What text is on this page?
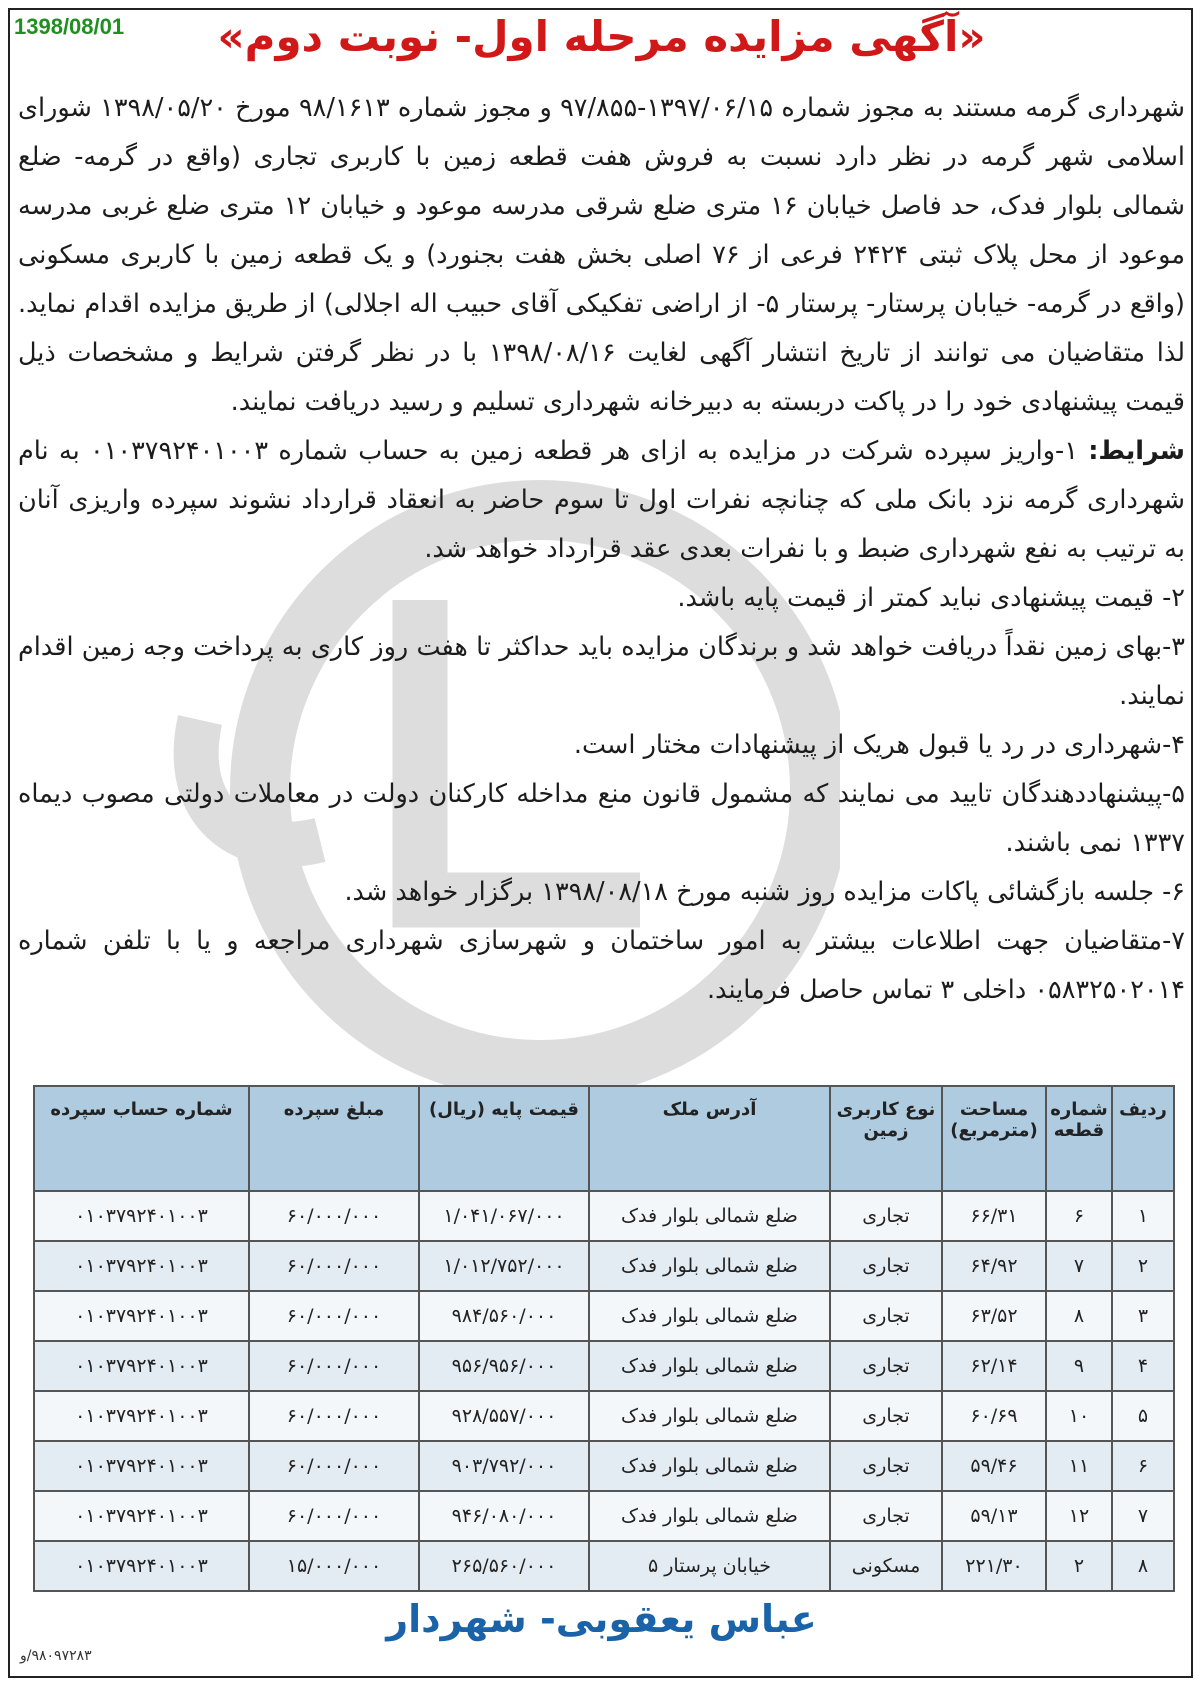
1398/08/01	«آگهی مزایده مرحله اول- نوبت دوم»

شهرداری گرمه مستند به مجوز شماره ۱۳۹۷/۰۶/۱۵-۹۷/۸۵۵ و مجوز شماره ۹۸/۱۶۱۳ مورخ ۱۳۹۸/۰۵/۲۰ شورای اسلامی شهر گرمه در نظر دارد نسبت به فروش هفت قطعه زمین با کاربری تجاری (واقع در گرمه- ضلع شمالی بلوار فدک، حد فاصل خیابان ۱۶ متری ضلع شرقی مدرسه موعود و خیابان ۱۲ متری ضلع غربی مدرسه موعود از محل پلاک ثبتی ۲۴۲۴ فرعی از ۷۶ اصلی بخش هفت بجنورد) و یک قطعه زمین با کاربری مسکونی (واقع در گرمه- خیابان پرستار- پرستار ۵- از اراضی تفکیکی آقای حبیب اله اجلالی) از طریق مزایده اقدام نماید. لذا متقاضیان می توانند از تاریخ انتشار آگهی لغایت ۱۳۹۸/۰۸/۱۶ با در نظر گرفتن شرایط و مشخصات ذیل قیمت پیشنهادی خود را در پاکت دربسته به دبیرخانه شهرداری تسلیم و رسید دریافت نمایند.

شرایط: ۱-واریز سپرده شرکت در مزایده به ازای هر قطعه زمین به حساب شماره ۰۱۰۳۷۹۲۴۰۱۰۰۳ به نام شهرداری گرمه نزد بانک ملی که چنانچه نفرات اول تا سوم حاضر به انعقاد قرارداد نشوند سپرده واریزی آنان به ترتیب به نفع شهرداری ضبط و با نفرات بعدی عقد قرارداد خواهد شد.

۲- قیمت پیشنهادی نباید کمتر از قیمت پایه باشد.

۳-بهای زمین نقداً دریافت خواهد شد و برندگان مزایده باید حداکثر تا هفت روز کاری به پرداخت وجه زمین اقدام نمایند.

۴-شهرداری در رد یا قبول هریک از پیشنهادات مختار است.

۵-پیشنهاددهندگان تایید می نمایند که مشمول قانون منع مداخله کارکنان دولت در معاملات دولتی مصوب دیماه ۱۳۳۷ نمی باشند.

۶- جلسه بازگشائی پاکات مزایده روز شنبه مورخ ۱۳۹۸/۰۸/۱۸ برگزار خواهد شد.

۷-متقاضیان جهت اطلاعات بیشتر به امور ساختمان و شهرسازی شهرداری مراجعه و یا با تلفن شماره ۰۵۸۳۲۵۰۲۰۱۴ داخلی ۳ تماس حاصل فرمایند.

ردیف	شماره قطعه	مساحت (مترمربع)	نوع کاربری زمین	آدرس ملک	قیمت پایه (ریال)	مبلغ سپرده	شماره حساب سپرده
۱	۶	۶۶/۳۱	تجاری	ضلع شمالی بلوار فدک	۱/۰۴۱/۰۶۷/۰۰۰	۶۰/۰۰۰/۰۰۰	۰۱۰۳۷۹۲۴۰۱۰۰۳
۲	۷	۶۴/۹۲	تجاری	ضلع شمالی بلوار فدک	۱/۰۱۲/۷۵۲/۰۰۰	۶۰/۰۰۰/۰۰۰	۰۱۰۳۷۹۲۴۰۱۰۰۳
۳	۸	۶۳/۵۲	تجاری	ضلع شمالی بلوار فدک	۹۸۴/۵۶۰/۰۰۰	۶۰/۰۰۰/۰۰۰	۰۱۰۳۷۹۲۴۰۱۰۰۳
۴	۹	۶۲/۱۴	تجاری	ضلع شمالی بلوار فدک	۹۵۶/۹۵۶/۰۰۰	۶۰/۰۰۰/۰۰۰	۰۱۰۳۷۹۲۴۰۱۰۰۳
۵	۱۰	۶۰/۶۹	تجاری	ضلع شمالی بلوار فدک	۹۲۸/۵۵۷/۰۰۰	۶۰/۰۰۰/۰۰۰	۰۱۰۳۷۹۲۴۰۱۰۰۳
۶	۱۱	۵۹/۴۶	تجاری	ضلع شمالی بلوار فدک	۹۰۳/۷۹۲/۰۰۰	۶۰/۰۰۰/۰۰۰	۰۱۰۳۷۹۲۴۰۱۰۰۳
۷	۱۲	۵۹/۱۳	تجاری	ضلع شمالی بلوار فدک	۹۴۶/۰۸۰/۰۰۰	۶۰/۰۰۰/۰۰۰	۰۱۰۳۷۹۲۴۰۱۰۰۳
۸	۲	۲۲۱/۳۰	مسکونی	خیابان پرستار ۵	۲۶۵/۵۶۰/۰۰۰	۱۵/۰۰۰/۰۰۰	۰۱۰۳۷۹۲۴۰۱۰۰۳
عباس یعقوبی- شهردار
۹۸۰۹۷۲۸۳/و
